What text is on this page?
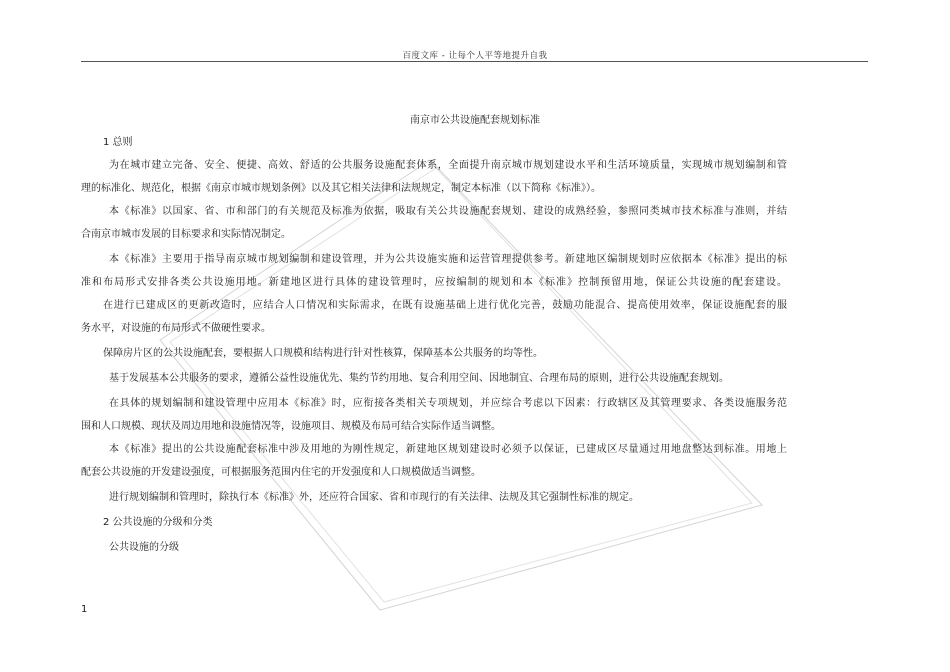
百度文库 - 让每个人平等地提升自我
南京市公共设施配套规划标准
1 总则
为在城市建立完备、安全、便捷、高效、舒适的公共服务设施配套体系，全面提升南京城市规划建设水平和生活环境质量，实现城市规划编制和管
理的标准化、规范化，根据《南京市城市规划条例》以及其它相关法律和法规规定，制定本标准（以下简称《标准》）。
本《标准》以国家、省、市和部门的有关规范及标准为依据，吸取有关公共设施配套规划、建设的成熟经验，参照同类城市技术标准与准则，并结
合南京市城市发展的目标要求和实际情况制定。
本《标准》主要用于指导南京城市规划编制和建设管理，并为公共设施实施和运营管理提供参考。新建地区编制规划时应依据本《标准》提出的标
准和布局形式安排各类公共设施用地。新建地区进行具体的建设管理时，应按编制的规划和本《标准》控制预留用地，保证公共设施的配套建设。
在进行已建成区的更新改造时，应结合人口情况和实际需求，在既有设施基础上进行优化完善，鼓励功能混合、提高使用效率，保证设施配套的服
务水平，对设施的布局形式不做硬性要求。
保障房片区的公共设施配套，要根据人口规模和结构进行针对性核算，保障基本公共服务的均等性。
基于发展基本公共服务的要求，遵循公益性设施优先、集约节约用地、复合利用空间、因地制宜、合理布局的原则，进行公共设施配套规划。
在具体的规划编制和建设管理中应用本《标准》时，应衔接各类相关专项规划，并应综合考虑以下因素：行政辖区及其管理要求、各类设施服务范
围和人口规模、现状及周边用地和设施情况等，设施项目、规模及布局可结合实际作适当调整。
本《标准》提出的公共设施配套标准中涉及用地的为刚性规定，新建地区规划建设时必须予以保证，已建成区尽量通过用地盘整达到标准。用地上
配套公共设施的开发建设强度，可根据服务范围内住宅的开发强度和人口规模做适当调整。
进行规划编制和管理时，除执行本《标准》外，还应符合国家、省和市现行的有关法律、法规及其它强制性标准的规定。
2 公共设施的分级和分类
公共设施的分级
1
